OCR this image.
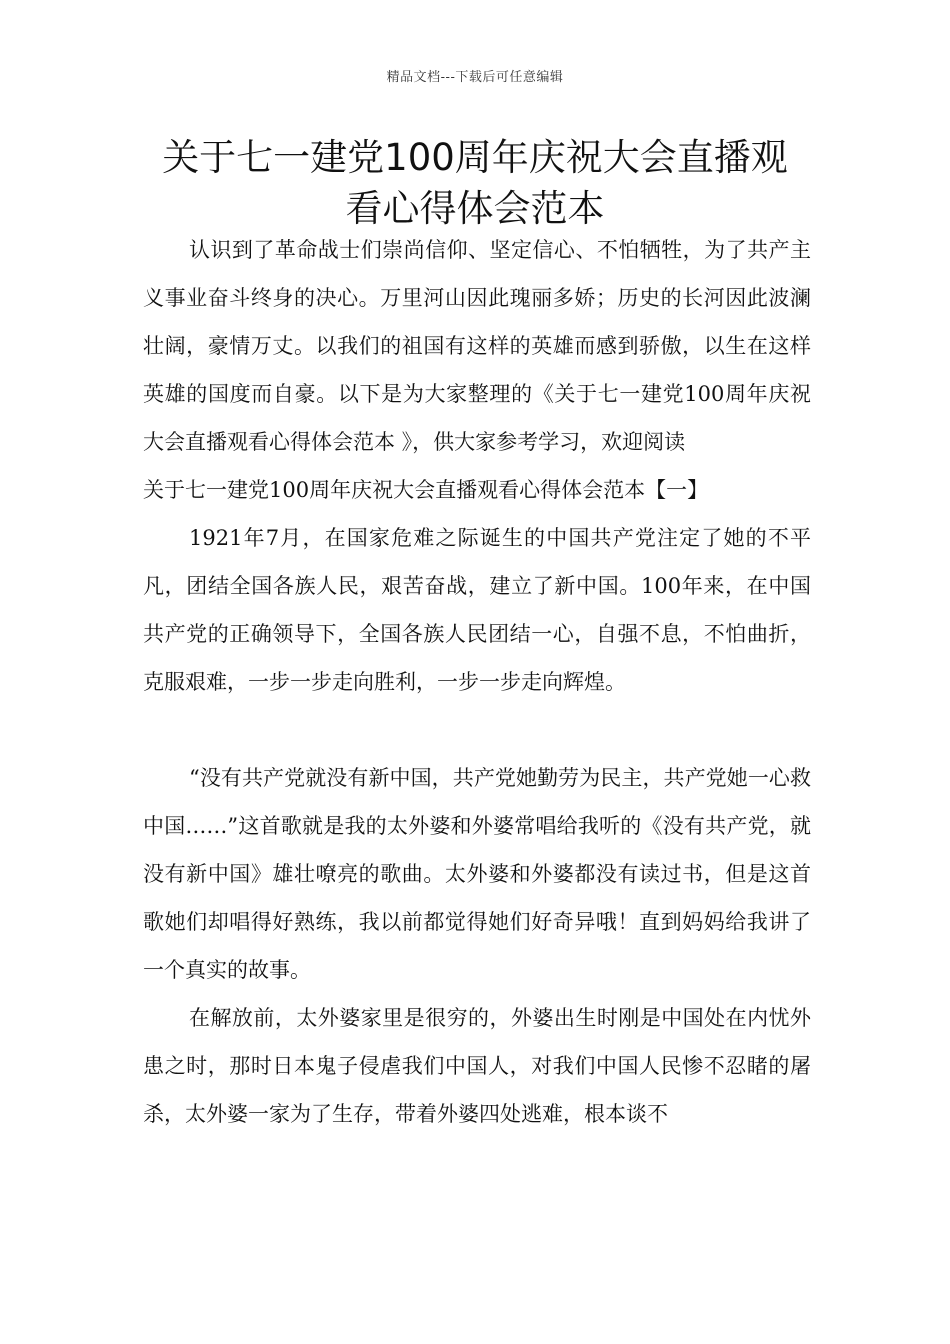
精品文档---下载后可任意编辑
关于七一建党100周年庆祝大会直播观
看心得体会范本

认识到了革命战士们崇尚信仰、坚定信心、不怕牺牲，为了共产主义事业奋斗终身的决心。万里河山因此瑰丽多娇；历史的长河因此波澜壮阔，豪情万丈。以我们的祖国有这样的英雄而感到骄傲，以生在这样英雄的国度而自豪。以下是为大家整理的《关于七一建党100周年庆祝大会直播观看心得体会范本 》，供大家参考学习，欢迎阅读

关于七一建党100周年庆祝大会直播观看心得体会范本【一】

1921年7月，在国家危难之际诞生的中国共产党注定了她的不平凡，团结全国各族人民，艰苦奋战，建立了新中国。100年来，在中国共产党的正确领导下，全国各族人民团结一心，自强不息，不怕曲折，克服艰难，一步一步走向胜利，一步一步走向辉煌。

“没有共产党就没有新中国，共产党她勤劳为民主，共产党她一心救中国……”这首歌就是我的太外婆和外婆常唱给我听的《没有共产党，就没有新中国》雄壮嘹亮的歌曲。太外婆和外婆都没有读过书，但是这首歌她们却唱得好熟练，我以前都觉得她们好奇异哦！直到妈妈给我讲了一个真实的故事。

在解放前，太外婆家里是很穷的，外婆出生时刚是中国处在内忧外患之时，那时日本鬼子侵虐我们中国人，对我们中国人民惨不忍睹的屠杀，太外婆一家为了生存，带着外婆四处逃难，根本谈不
